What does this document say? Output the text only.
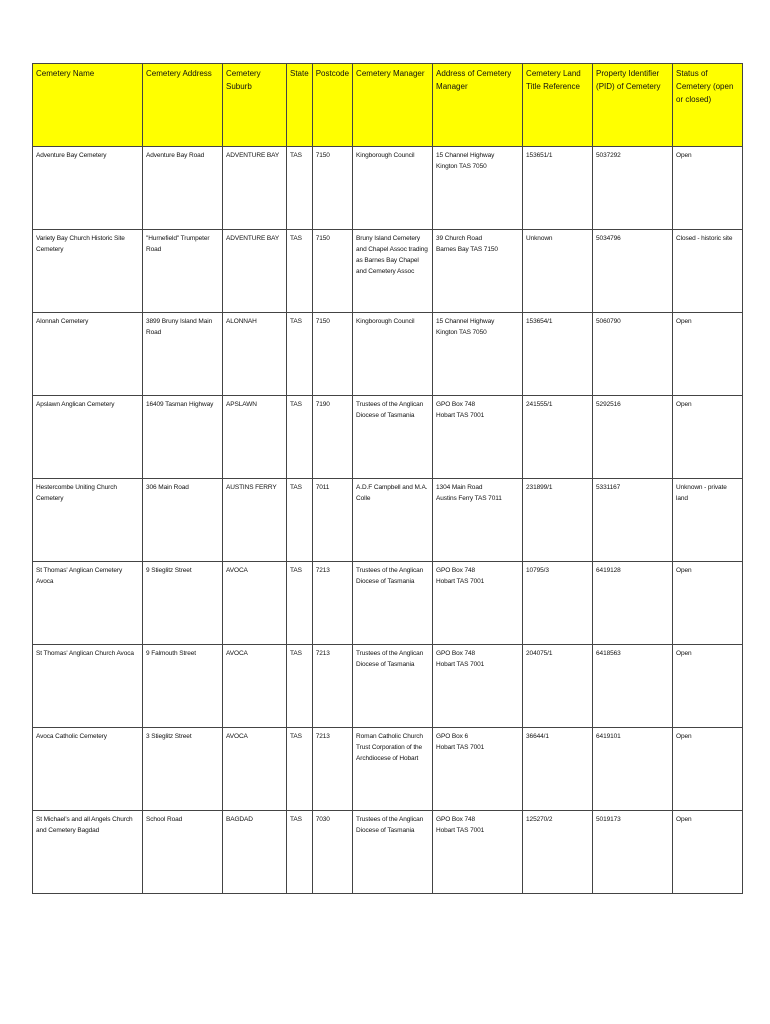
Cemetery Name	Cemetery Address	Cemetery Suburb	State	Postcode	Cemetery Manager	Address of Cemetery Manager	Cemetery Land Title Reference	Property Identifier (PID) of Cemetery	Status of Cemetery (open or closed)

Adventure Bay Cemetery	Adventure Bay Road	ADVENTURE BAY	TAS	7150	Kingborough Council	15 Channel Highway
Kington TAS 7050	153651/1	5037292	Open

Variety Bay Church Historic Site Cemetery	"Hurnefield" Trumpeter Road	ADVENTURE BAY	TAS	7150	Bruny Island Cemetery and Chapel Assoc trading as Barnes Bay Chapel and Cemetery Assoc	39 Church Road
Barnes Bay TAS 7150	Unknown	5034796	Closed - historic site

Alonnah Cemetery	3899 Bruny Island Main Road	ALONNAH	TAS	7150	Kingborough Council	15 Channel Highway
Kington TAS 7050	153654/1	5060790	Open

Apslawn Anglican Cemetery	16409 Tasman Highway	APSLAWN	TAS	7190	Trustees of the Anglican Diocese of Tasmania	GPO Box 748
Hobart TAS 7001	241555/1	5292516	Open

Hestercombe Uniting Church Cemetery	306 Main Road	AUSTINS FERRY	TAS	7011	A.D.F Campbell and M.A. Colle	1304 Main Road
Austins Ferry TAS 7011	231899/1	5331167	Unknown - private land

St Thomas' Anglican Cemetery Avoca	9 Stieglitz Street	AVOCA	TAS	7213	Trustees of the Anglican Diocese of Tasmania	GPO Box 748
Hobart TAS 7001	10795/3	6419128	Open

St Thomas' Anglican Church Avoca	9 Falmouth Street	AVOCA	TAS	7213	Trustees of the Anglican Diocese of Tasmania	GPO Box 748
Hobart TAS 7001	204075/1	6418563	Open

Avoca Catholic Cemetery	3 Stieglitz Street	AVOCA	TAS	7213	Roman Catholic Church Trust Corporation of the Archdiocese of Hobart	GPO Box 6
Hobart TAS 7001	36644/1	6419101	Open

St Michael's and all Angels Church and Cemetery Bagdad	School Road	BAGDAD	TAS	7030	Trustees of the Anglican Diocese of Tasmania	GPO Box 748
Hobart TAS 7001	125270/2	5019173	Open
